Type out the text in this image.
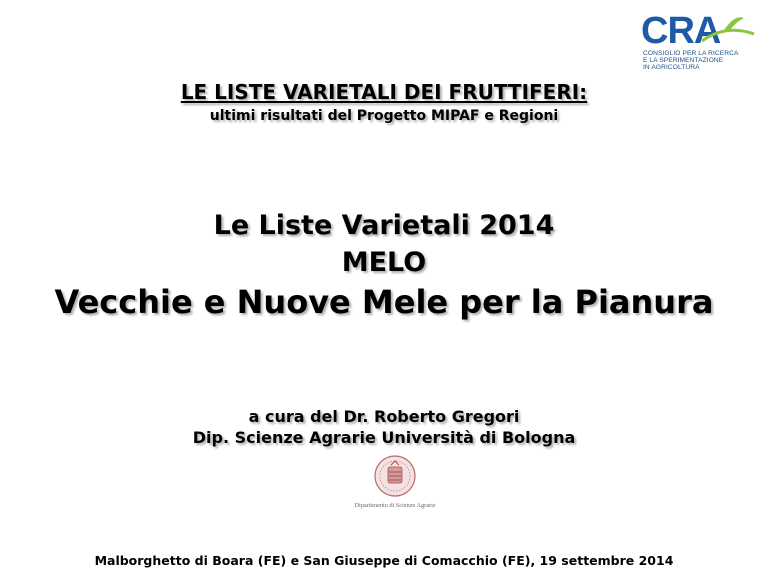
CRA
CONSIGLIO PER LA RICERCA
E LA SPERIMENTAZIONE
IN AGRICOLTURA
LE LISTE VARIETALI DEI FRUTTIFERI:
ultimi risultati del Progetto MIPAF e Regioni
Le Liste Varietali 2014
MELO
Vecchie e Nuove Mele per la Pianura
a cura del Dr. Roberto Gregori
Dip. Scienze Agrarie Università di Bologna
Dipartimento di Scienze Agrarie
Malborghetto di Boara (FE) e San Giuseppe di Comacchio (FE), 19 settembre 2014
